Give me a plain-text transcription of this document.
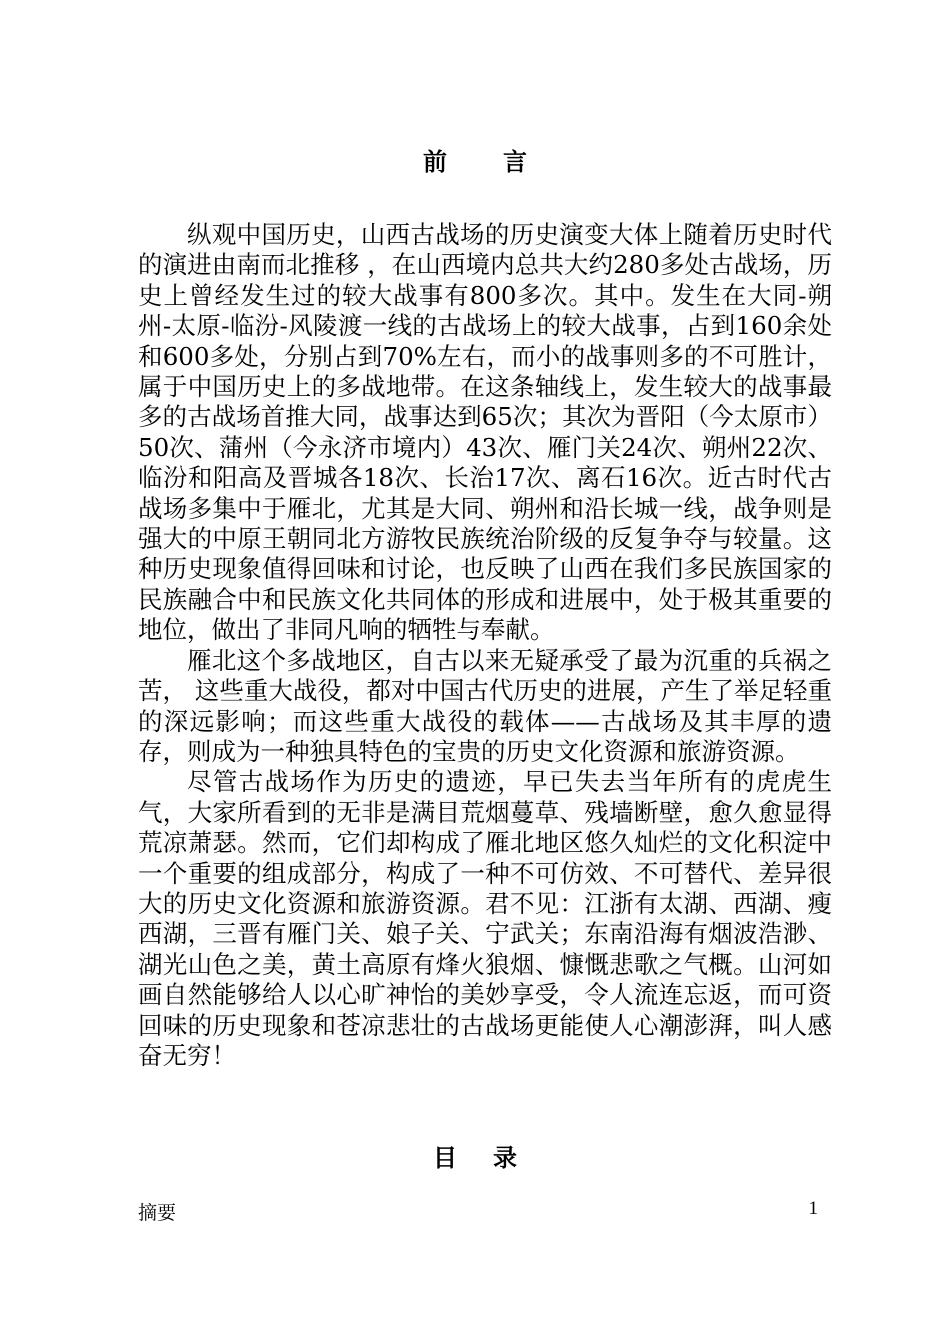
前言

纵观中国历史，山西古战场的历史演变大体上随着历史时代的演进由南而北推移 ，在山西境内总共大约280多处古战场，历史上曾经发生过的较大战事有800多次。其中。发生在大同-朔州-太原-临汾-风陵渡一线的古战场上的较大战事，占到160余处和600多处，分别占到70%左右，而小的战事则多的不可胜计，属于中国历史上的多战地带。在这条轴线上，发生较大的战事最多的古战场首推大同，战事达到65次；其次为晋阳（今太原市）50次、蒲州（今永济市境内）43次、雁门关24次、朔州22次、临汾和阳高及晋城各18次、长治17次、离石16次。近古时代古战场多集中于雁北，尤其是大同、朔州和沿长城一线，战争则是强大的中原王朝同北方游牧民族统治阶级的反复争夺与较量。这种历史现象值得回味和讨论，也反映了山西在我们多民族国家的民族融合中和民族文化共同体的形成和进展中，处于极其重要的地位，做出了非同凡响的牺牲与奉献。

雁北这个多战地区，自古以来无疑承受了最为沉重的兵祸之苦， 这些重大战役，都对中国古代历史的进展，产生了举足轻重的深远影响；而这些重大战役的载体——古战场及其丰厚的遗存，则成为一种独具特色的宝贵的历史文化资源和旅游资源。

尽管古战场作为历史的遗迹，早已失去当年所有的虎虎生气，大家所看到的无非是满目荒烟蔓草、残墙断壁，愈久愈显得荒凉萧瑟。然而，它们却构成了雁北地区悠久灿烂的文化积淀中一个重要的组成部分，构成了一种不可仿效、不可替代、差异很大的历史文化资源和旅游资源。君不见：江浙有太湖、西湖、瘦西湖，三晋有雁门关、娘子关、宁武关；东南沿海有烟波浩渺、湖光山色之美，黄土高原有烽火狼烟、慷慨悲歌之气概。山河如画自然能够给人以心旷神怡的美妙享受，令人流连忘返，而可资回味的历史现象和苍凉悲壮的古战场更能使人心潮澎湃，叫人感奋无穷！

目录
摘要	1
